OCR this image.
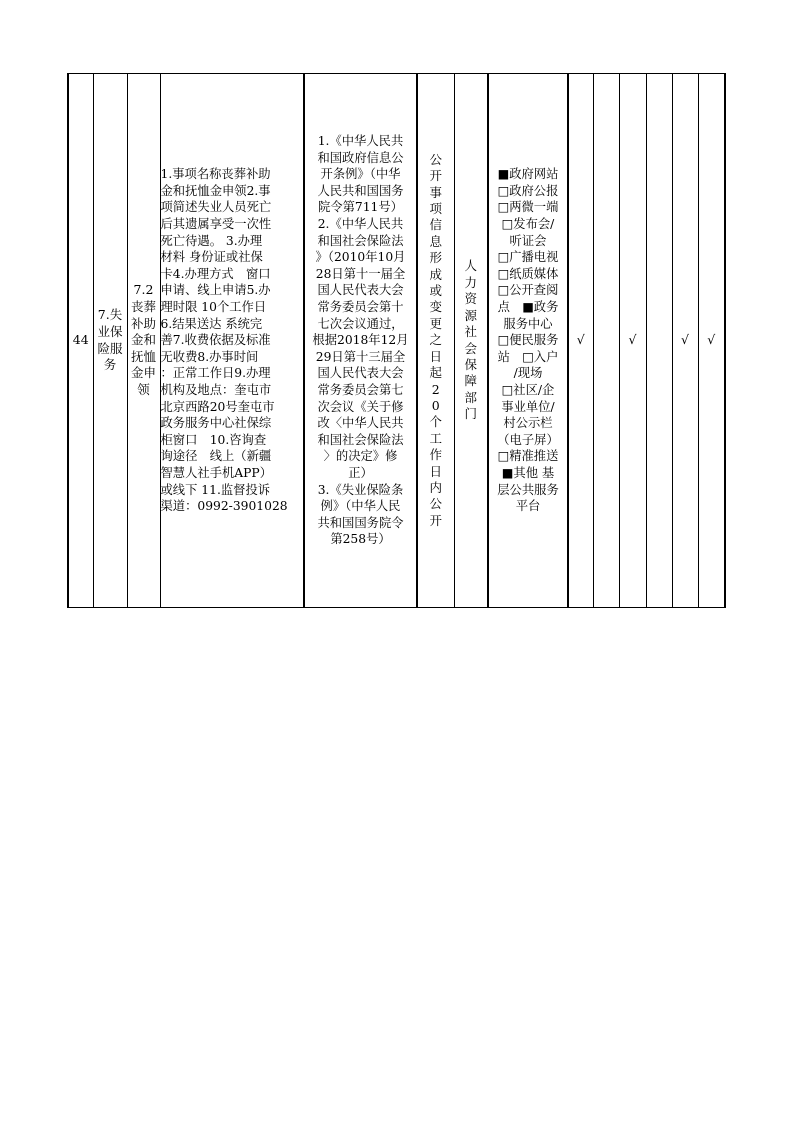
44	
7.失
业保
险服
务

7.2
丧葬
补助
金和
抚恤
金申
领

1.事项名称丧葬补助
金和抚恤金申领2.事
项简述失业人员死亡
后其遗属享受一次性
死亡待遇。 3.办理
材料 身份证或社保
卡4.办理方式　窗口
申请、线上申请5.办
理时限 10个工作日
6.结果送达 系统完
善7.收费依据及标准
无收费8.办事时间
：正常工作日9.办理
机构及地点：奎屯市
北京西路20号奎屯市
政务服务中心社保综
柜窗口　10.咨询查
询途径　线上（新疆
智慧人社手机APP）
或线下 11.监督投诉
渠道：0992-3901028

1.《中华人民共
和国政府信息公
开条例》（中华
人民共和国国务
院令第711号）
2.《中华人民共
和国社会保险法
》（2010年10月
28日第十一届全
国人民代表大会
常务委员会第十
七次会议通过，
根据2018年12月
29日第十三届全
国人民代表大会
常务委员会第七
次会议《关于修
改〈中华人民共
和国社会保险法
〉的决定》修
正）
3.《失业保险条
例》（中华人民
共和国国务院令
第258号）

公
开
事
项
信
息
形
成
或
变
更
之
日
起
2
0
个
工
作
日
内
公
开

人
力
资
源
社
会
保
障
部
门

■政府网站
□政府公报
□两微一端
□发布会/
听证会
□广播电视
□纸质媒体
□公开查阅
点　■政务
服务中心
□便民服务
站　□入户
/现场
□社区/企
事业单位/
村公示栏
（电子屏）
□精准推送
■其他 基
层公共服务
平台
	√		√		√	√
